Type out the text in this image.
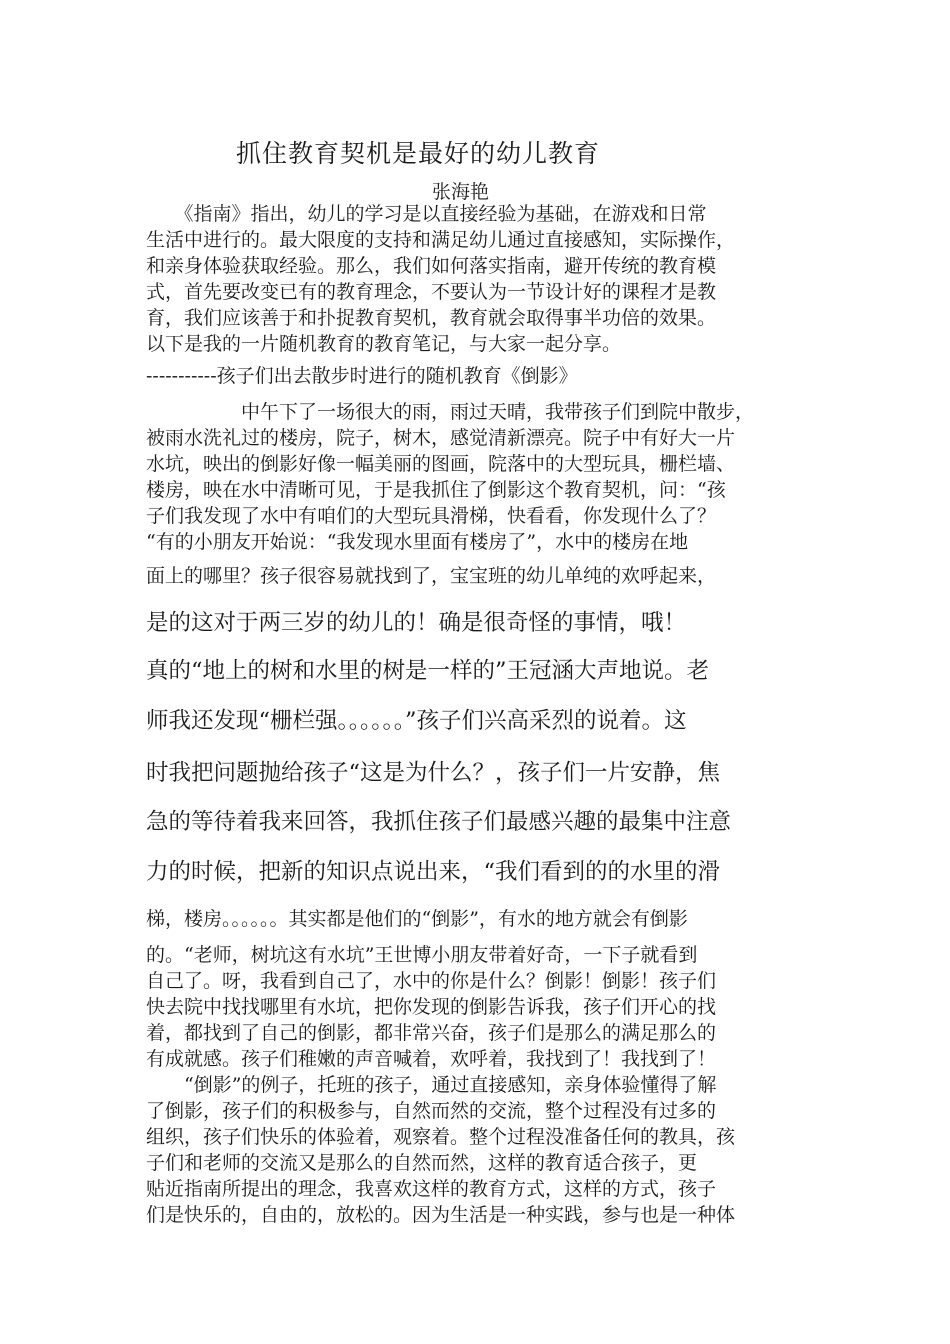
抓住教育契机是最好的幼儿教育
张海艳
　　《指南》指出，幼儿的学习是以直接经验为基础，在游戏和日常
生活中进行的。最大限度的支持和满足幼儿通过直接感知，实际操作，
和亲身体验获取经验。那么，我们如何落实指南，避开传统的教育模
式，首先要改变已有的教育理念，不要认为一节设计好的课程才是教
育，我们应该善于和扑捉教育契机，教育就会取得事半功倍的效果。
以下是我的一片随机教育的教育笔记，与大家一起分享。
-----------孩子们出去散步时进行的随机教育《倒影》
　　　　　中午下了一场很大的雨，雨过天晴，我带孩子们到院中散步，
被雨水洗礼过的楼房，院子，树木，感觉清新漂亮。院子中有好大一片
水坑，映出的倒影好像一幅美丽的图画，院落中的大型玩具，栅栏墙、
楼房，映在水中清晰可见，于是我抓住了倒影这个教育契机，问：“孩
子们我发现了水中有咱们的大型玩具滑梯，快看看，你发现什么了？
“有的小朋友开始说：“我发现水里面有楼房了”，水中的楼房在地
面上的哪里？孩子很容易就找到了，宝宝班的幼儿单纯的欢呼起来，
是的这对于两三岁的幼儿的！确是很奇怪的事情，哦！
真的“地上的树和水里的树是一样的”王冠涵大声地说。老
师我还发现“栅栏强。。。。。。”孩子们兴高采烈的说着。这
时我把问题抛给孩子“这是为什么？，孩子们一片安静，焦
急的等待着我来回答，我抓住孩子们最感兴趣的最集中注意
力的时候，把新的知识点说出来，“我们看到的的水里的滑
梯，楼房。。。。。。其实都是他们的“倒影”，有水的地方就会有倒影
的。“老师，树坑这有水坑”王世博小朋友带着好奇，一下子就看到
自己了。呀，我看到自己了，水中的你是什么？倒影！倒影！孩子们
快去院中找找哪里有水坑，把你发现的倒影告诉我，孩子们开心的找
着，都找到了自己的倒影，都非常兴奋，孩子们是那么的满足那么的
有成就感。孩子们稚嫩的声音喊着，欢呼着，我找到了！我找到了！
　　“倒影”的例子，托班的孩子，通过直接感知，亲身体验懂得了解
了倒影，孩子们的积极参与，自然而然的交流，整个过程没有过多的
组织，孩子们快乐的体验着，观察着。整个过程没准备任何的教具，孩
子们和老师的交流又是那么的自然而然，这样的教育适合孩子，更
贴近指南所提出的理念，我喜欢这样的教育方式，这样的方式，孩子
们是快乐的，自由的，放松的。因为生活是一种实践，参与也是一种体
